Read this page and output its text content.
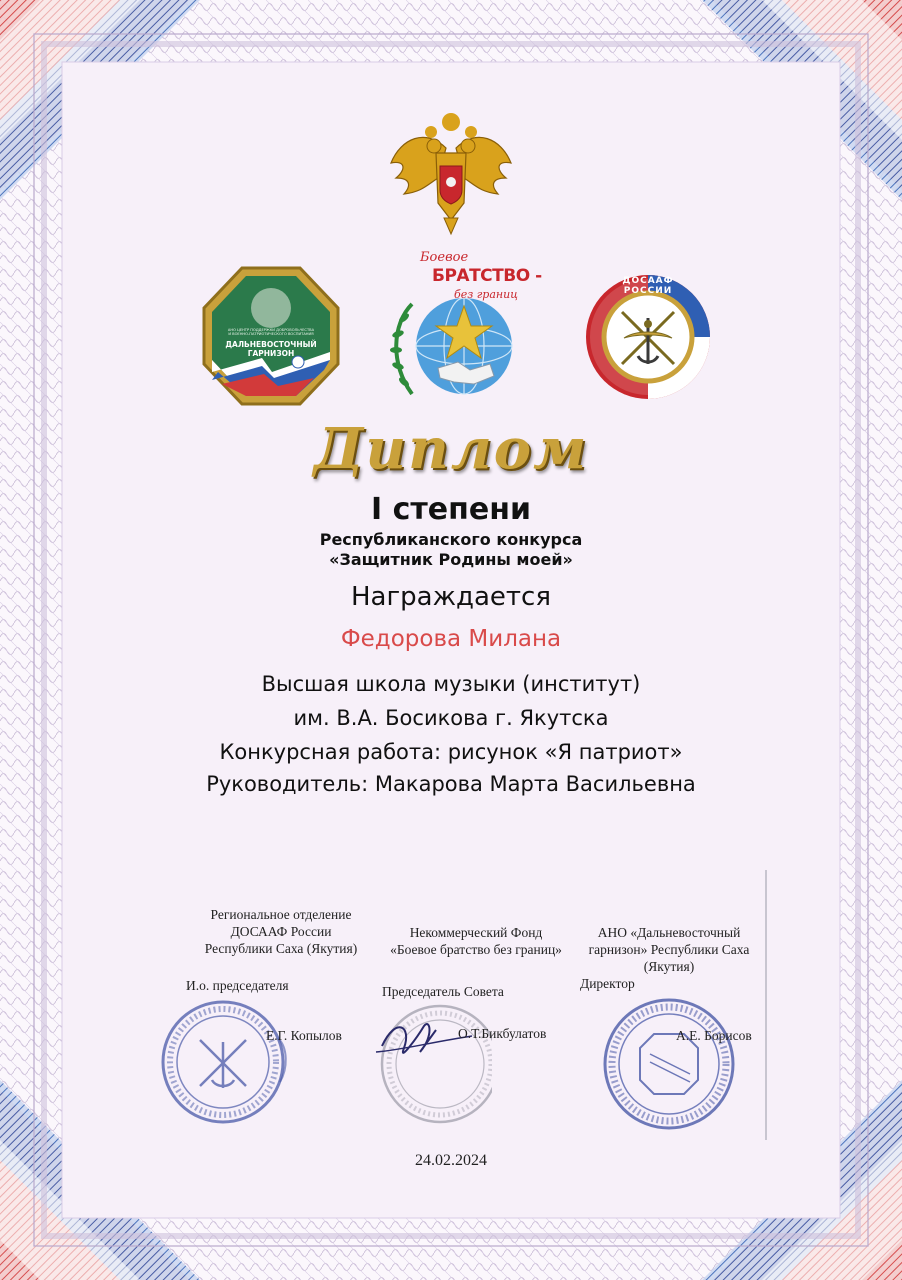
АНО ЦЕНТР ПОДДЕРЖКИ ДОБРОВОЛЬЧЕСТВА
И ВОЕННО-ПАТРИОТИЧЕСКОГО ВОСПИТАНИЯ
ДАЛЬНЕВОСТОЧНЫЙ
ГАРНИЗОН
Боевое
БРАТСТВО -
без границ
ДОСААФ РОССИИ
Диплом
I степени
Республиканского конкурса
«Защитник Родины моей»
Награждается
Федорова Милана
Высшая школа музыки (институт)
им. В.А. Босикова г. Якутска
Конкурсная работа: рисунок «Я патриот»
Руководитель: Макарова Марта Васильевна
Региональное отделение
ДОСААФ России
Республики Саха (Якутия)
Некоммерческий Фонд
«Боевое братство без границ»
АНО «Дальневосточный
гарнизон» Республики Саха
(Якутия)
И.о. председателя	Председатель Совета
Директор
Е.Г. Копылов	О.Т.Бикбулатов	А.Е. Борисов
24.02.2024
